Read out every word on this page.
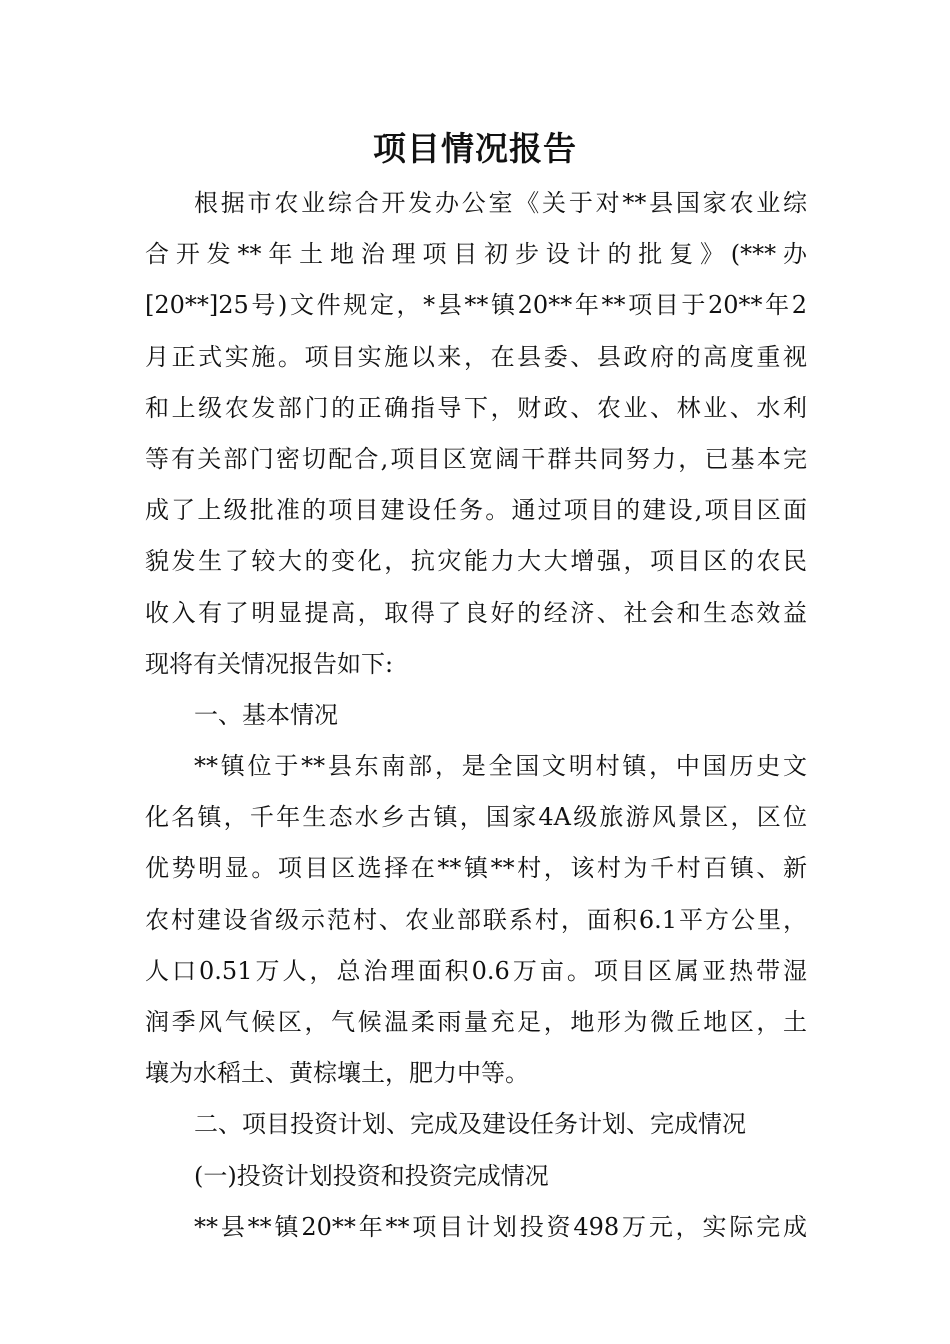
项目情况报告
根据市农业综合开发办公室《关于对**县国家农业综
合开发**年土地治理项目初步设计的批复》(***办
[20**]25号)文件规定，*县**镇20**年**项目于20**年2
月正式实施。项目实施以来，在县委、县政府的高度重视
和上级农发部门的正确指导下，财政、农业、林业、水利
等有关部门密切配合,项目区宽阔干群共同努力，已基本完
成了上级批准的项目建设任务。通过项目的建设,项目区面
貌发生了较大的变化，抗灾能力大大增强，项目区的农民
收入有了明显提高，取得了良好的经济、社会和生态效益
现将有关情况报告如下:
一、基本情况
**镇位于**县东南部，是全国文明村镇，中国历史文
化名镇，千年生态水乡古镇，国家4A级旅游风景区，区位
优势明显。项目区选择在**镇**村，该村为千村百镇、新
农村建设省级示范村、农业部联系村，面积6.1平方公里，
人口0.51万人，总治理面积0.6万亩。项目区属亚热带湿
润季风气候区，气候温柔雨量充足，地形为微丘地区，土
壤为水稻土、黄棕壤土，肥力中等。
二、项目投资计划、完成及建设任务计划、完成情况
(一)投资计划投资和投资完成情况
**县**镇20**年**项目计划投资498万元，实际完成
